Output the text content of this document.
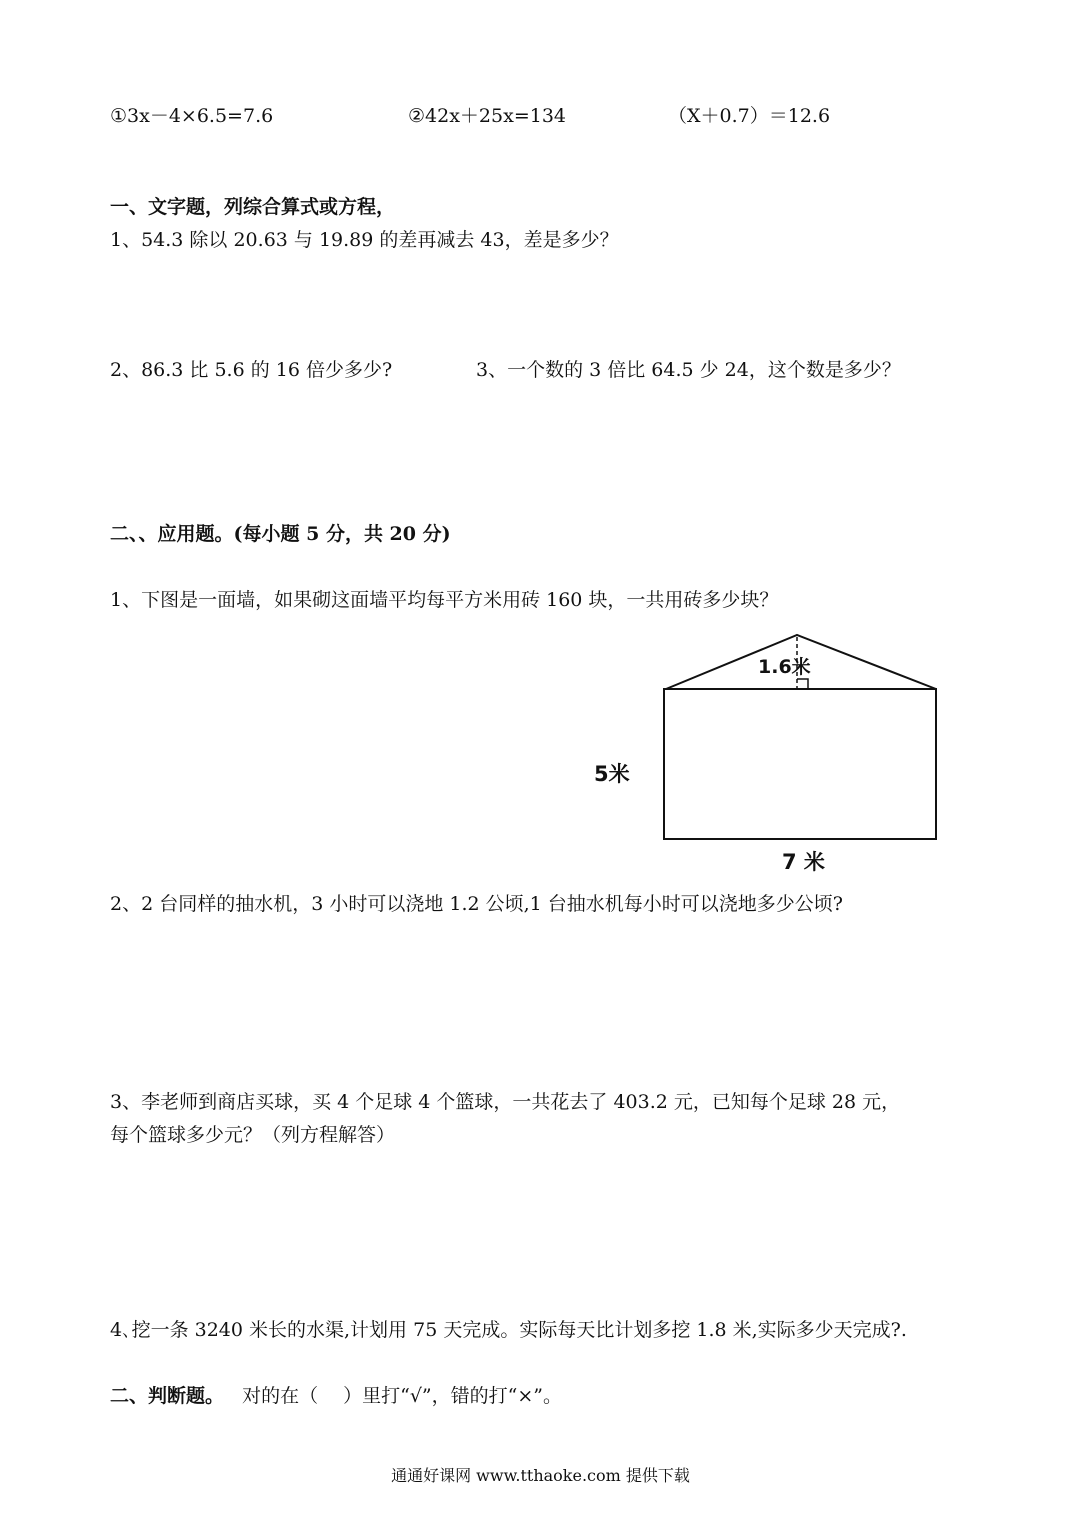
①3x－4×6.5=7.6	②42x＋25x=134	（X＋0.7）＝12.6
一、文字题，列综合算式或方程，
1、54.3 除以 20.63 与 19.89 的差再减去 43，差是多少？
2、86.3 比 5.6 的 16 倍少多少?	3、一个数的 3 倍比 64.5 少 24，这个数是多少？
二、、应用题。(每小题 5 分，共 20 分)
1、下图是一面墙，如果砌这面墙平均每平方米用砖 160 块，一共用砖多少块？
1.6米
5米
7 米
2、2 台同样的抽水机，3 小时可以浇地 1.2 公顷,1 台抽水机每小时可以浇地多少公顷?
3、李老师到商店买球，买 4 个足球 4 个篮球，一共花去了 403.2 元，已知每个足球 28 元，
每个篮球多少元？（列方程解答）
4､挖一条 3240 米长的水渠,计划用 75 天完成。实际每天比计划多挖 1.8 米,实际多少天完成?.
二、判断题。 对的在（　 ）里打“√”，错的打“×”。
通通好课网 www.tthaoke.com 提供下载
